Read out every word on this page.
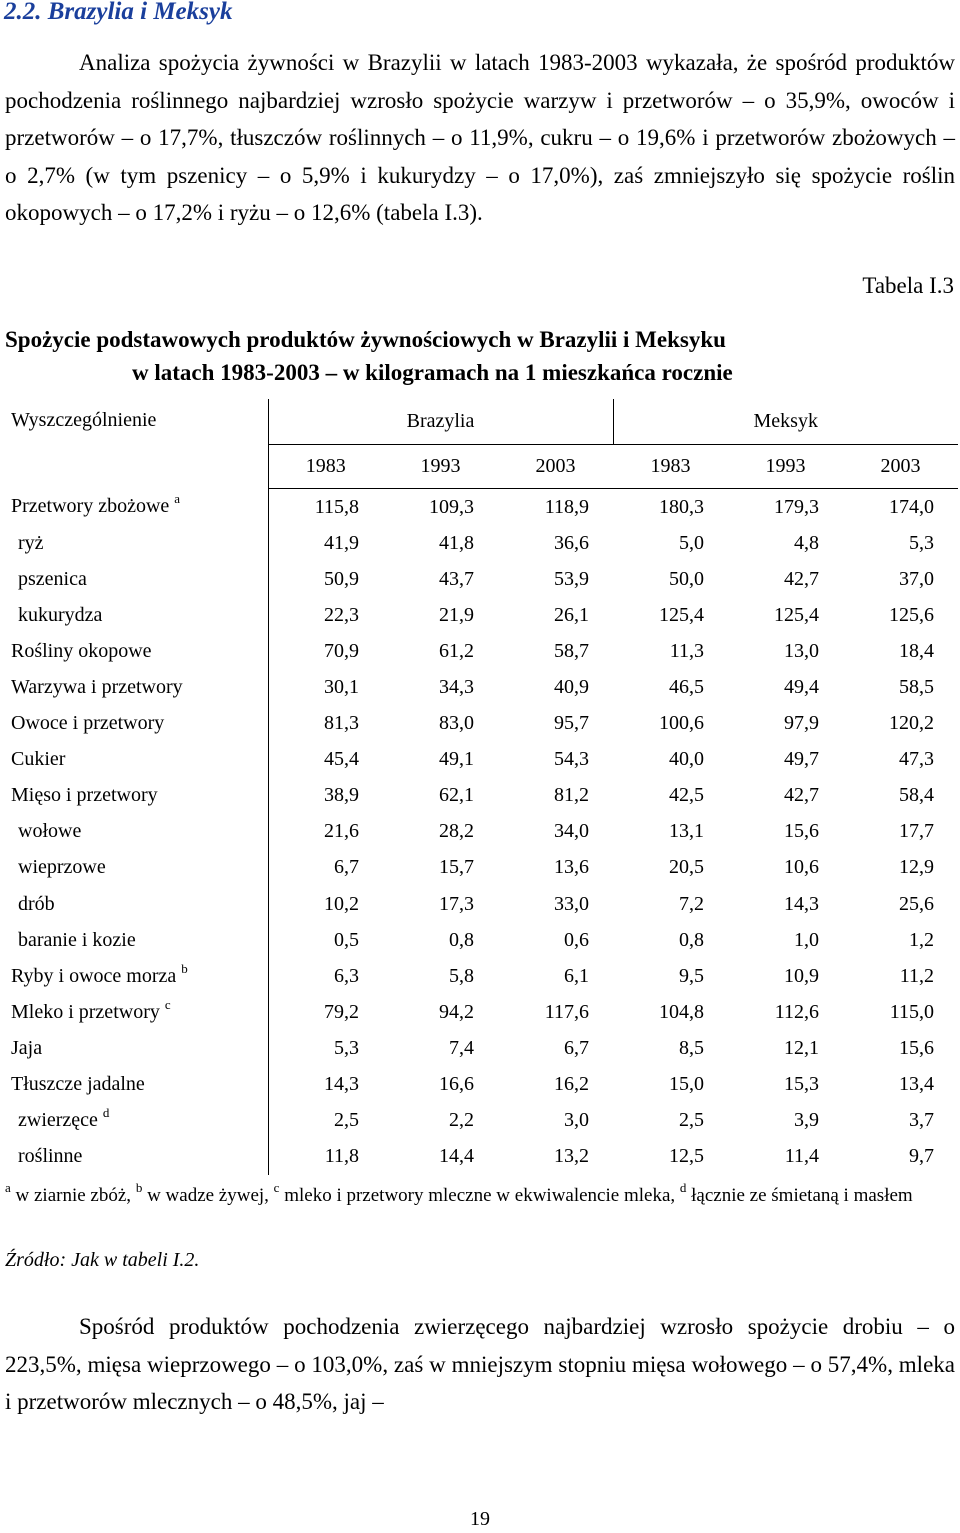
2.2. Brazylia i Meksyk

Analiza spożycia żywności w Brazylii w latach 1983-2003 wykazała, że spośród produktów pochodzenia roślinnego najbardziej wzrosło spożycie warzyw i przetworów – o 35,9%, owoców i przetworów – o 17,7%, tłuszczów roślinnych – o 11,9%, cukru – o 19,6% i przetworów zbożowych – o 2,7% (w tym pszenicy – o 5,9% i kukurydzy – o 17,0%), zaś zmniejszyło się spożycie roślin okopowych – o 17,2% i ryżu – o 12,6% (tabela I.3).

Tabela I.3

Spożycie podstawowych produktów żywnościowych w Brazylii i Meksyku
w latach 1983-2003 – w kilogramach na 1 mieszkańca rocznie

Wyszczególnienie	Brazylia			Meksyk		
	1983	1993	2003	1983	1993	2003
Przetwory zbożowe $^a$	115,8	109,3	118,9	180,3	179,3	174,0
ryż	41,9	41,8	36,6	5,0	4,8	5,3
pszenica	50,9	43,7	53,9	50,0	42,7	37,0
kukurydza	22,3	21,9	26,1	125,4	125,4	125,6
Rośliny okopowe	70,9	61,2	58,7	11,3	13,0	18,4
Warzywa i przetwory	30,1	34,3	40,9	46,5	49,4	58,5
Owoce i przetwory	81,3	83,0	95,7	100,6	97,9	120,2
Cukier	45,4	49,1	54,3	40,0	49,7	47,3
Mięso i przetwory	38,9	62,1	81,2	42,5	42,7	58,4
wołowe	21,6	28,2	34,0	13,1	15,6	17,7
wieprzowe	6,7	15,7	13,6	20,5	10,6	12,9
drób	10,2	17,3	33,0	7,2	14,3	25,6
baranie i kozie	0,5	0,8	0,6	0,8	1,0	1,2
Ryby i owoce morza $^b$	6,3	5,8	6,1	9,5	10,9	11,2
Mleko i przetwory $^c$	79,2	94,2	117,6	104,8	112,6	115,0
Jaja	5,3	7,4	6,7	8,5	12,1	15,6
Tłuszcze jadalne	14,3	16,6	16,2	15,0	15,3	13,4
zwierzęce $^d$	2,5	2,2	3,0	2,5	3,9	3,7
roślinne	11,8	14,4	13,2	12,5	11,4	9,7

$^a$ w ziarnie zbóż, $^b$ w wadze żywej, $^c$ mleko i przetwory mleczne w ekwiwalencie mleka, $^d$ łącznie ze śmietaną i masłem

Źródło: Jak w tabeli I.2.

Spośród produktów pochodzenia zwierzęcego najbardziej wzrosło spożycie drobiu – o 223,5%, mięsa wieprzowego – o 103,0%, zaś w mniejszym stopniu mięsa wołowego – o 57,4%, mleka i przetworów mlecznych – o 48,5%, jaj –

19
